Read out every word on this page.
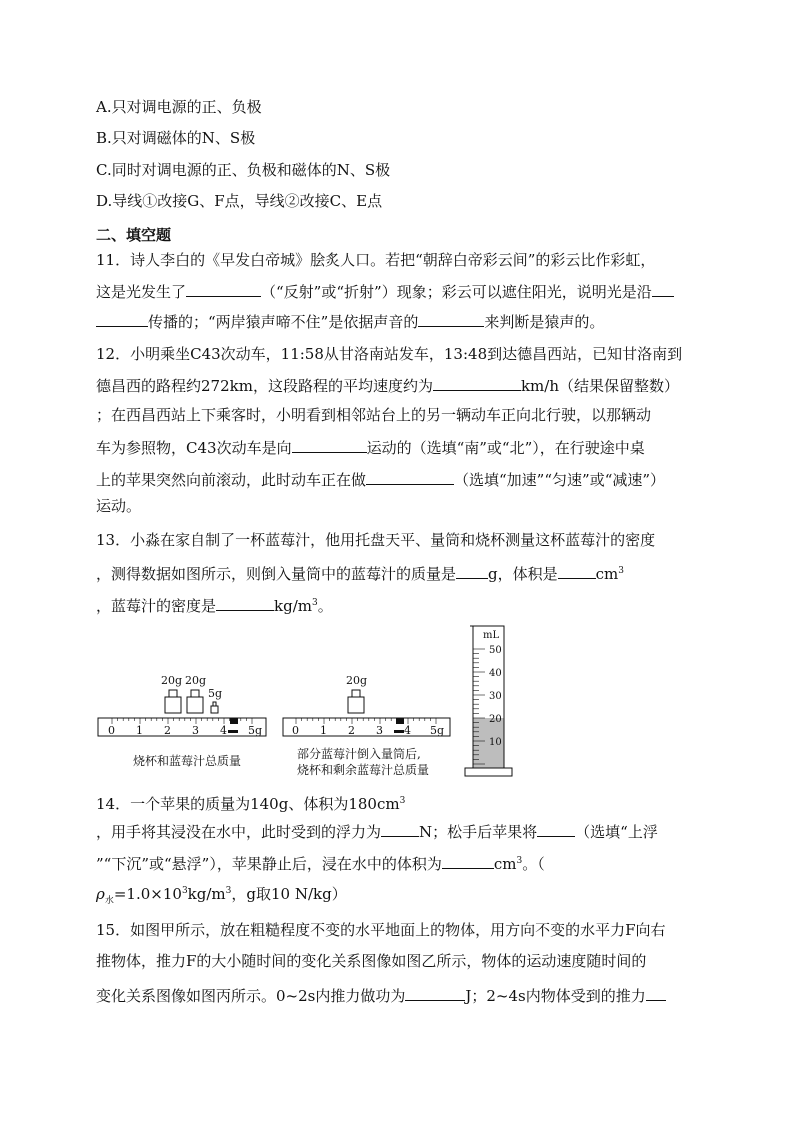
A.只对调电源的正、负极
B.只对调磁体的N、S极
C.同时对调电源的正、负极和磁体的N、S极
D.导线①改接G、F点，导线②改接C、E点
二、填空题
11．诗人李白的《早发白帝城》脍炙人口。若把“朝辞白帝彩云间”的彩云比作彩虹，
这是光发生了	（“反射”或“折射”）现象；彩云可以遮住阳光，说明光是沿
传播的；“两岸猿声啼不住”是依据声音的	来判断是猿声的。
12．小明乘坐C43次动车，11:58从甘洛南站发车，13:48到达德昌西站，已知甘洛南到
德昌西的路程约272km，这段路程的平均速度约为	km/h（结果保留整数）
；在西昌西站上下乘客时，小明看到相邻站台上的另一辆动车正向北行驶，以那辆动
车为参照物，C43次动车是向	运动的（选填“南”或“北”），在行驶途中桌
上的苹果突然向前滚动，此时动车正在做	（选填“加速”“匀速”或“减速”）
运动。
13．小淼在家自制了一杯蓝莓汁，他用托盘天平、量筒和烧杯测量这杯蓝莓汁的密度
，测得数据如图所示，则倒入量筒中的蓝莓汁的质量是 g，体积是	$cm^3$
，蓝莓汁的密度是	$kg/m^3$。
0 1 2 3 4 5g
20g 20g
5g
烧杯和蓝莓汁总质量
0 1 2 3 4 5g
20g
部分蓝莓汁倒入量筒后,
烧杯和剩余蓝莓汁总质量
mL
50
40
30
20
10
14．一个苹果的质量为140g、体积为$180cm^3$
，用手将其浸没在水中，此时受到的浮力为	N；松手后苹果将	（选填“上浮
”“下沉”或“悬浮”），苹果静止后，浸在水中的体积为	$cm^3$。（
$\rho_水=1.0\times 10^3kg/m^3$，g取10 N/kg）
15．如图甲所示，放在粗糙程度不变的水平地面上的物体，用方向不变的水平力F向右
推物体，推力F的大小随时间的变化关系图像如图乙所示，物体的运动速度随时间的
变化关系图像如图丙所示。0~2s内推力做功为	J；2~4s内物体受到的推力
